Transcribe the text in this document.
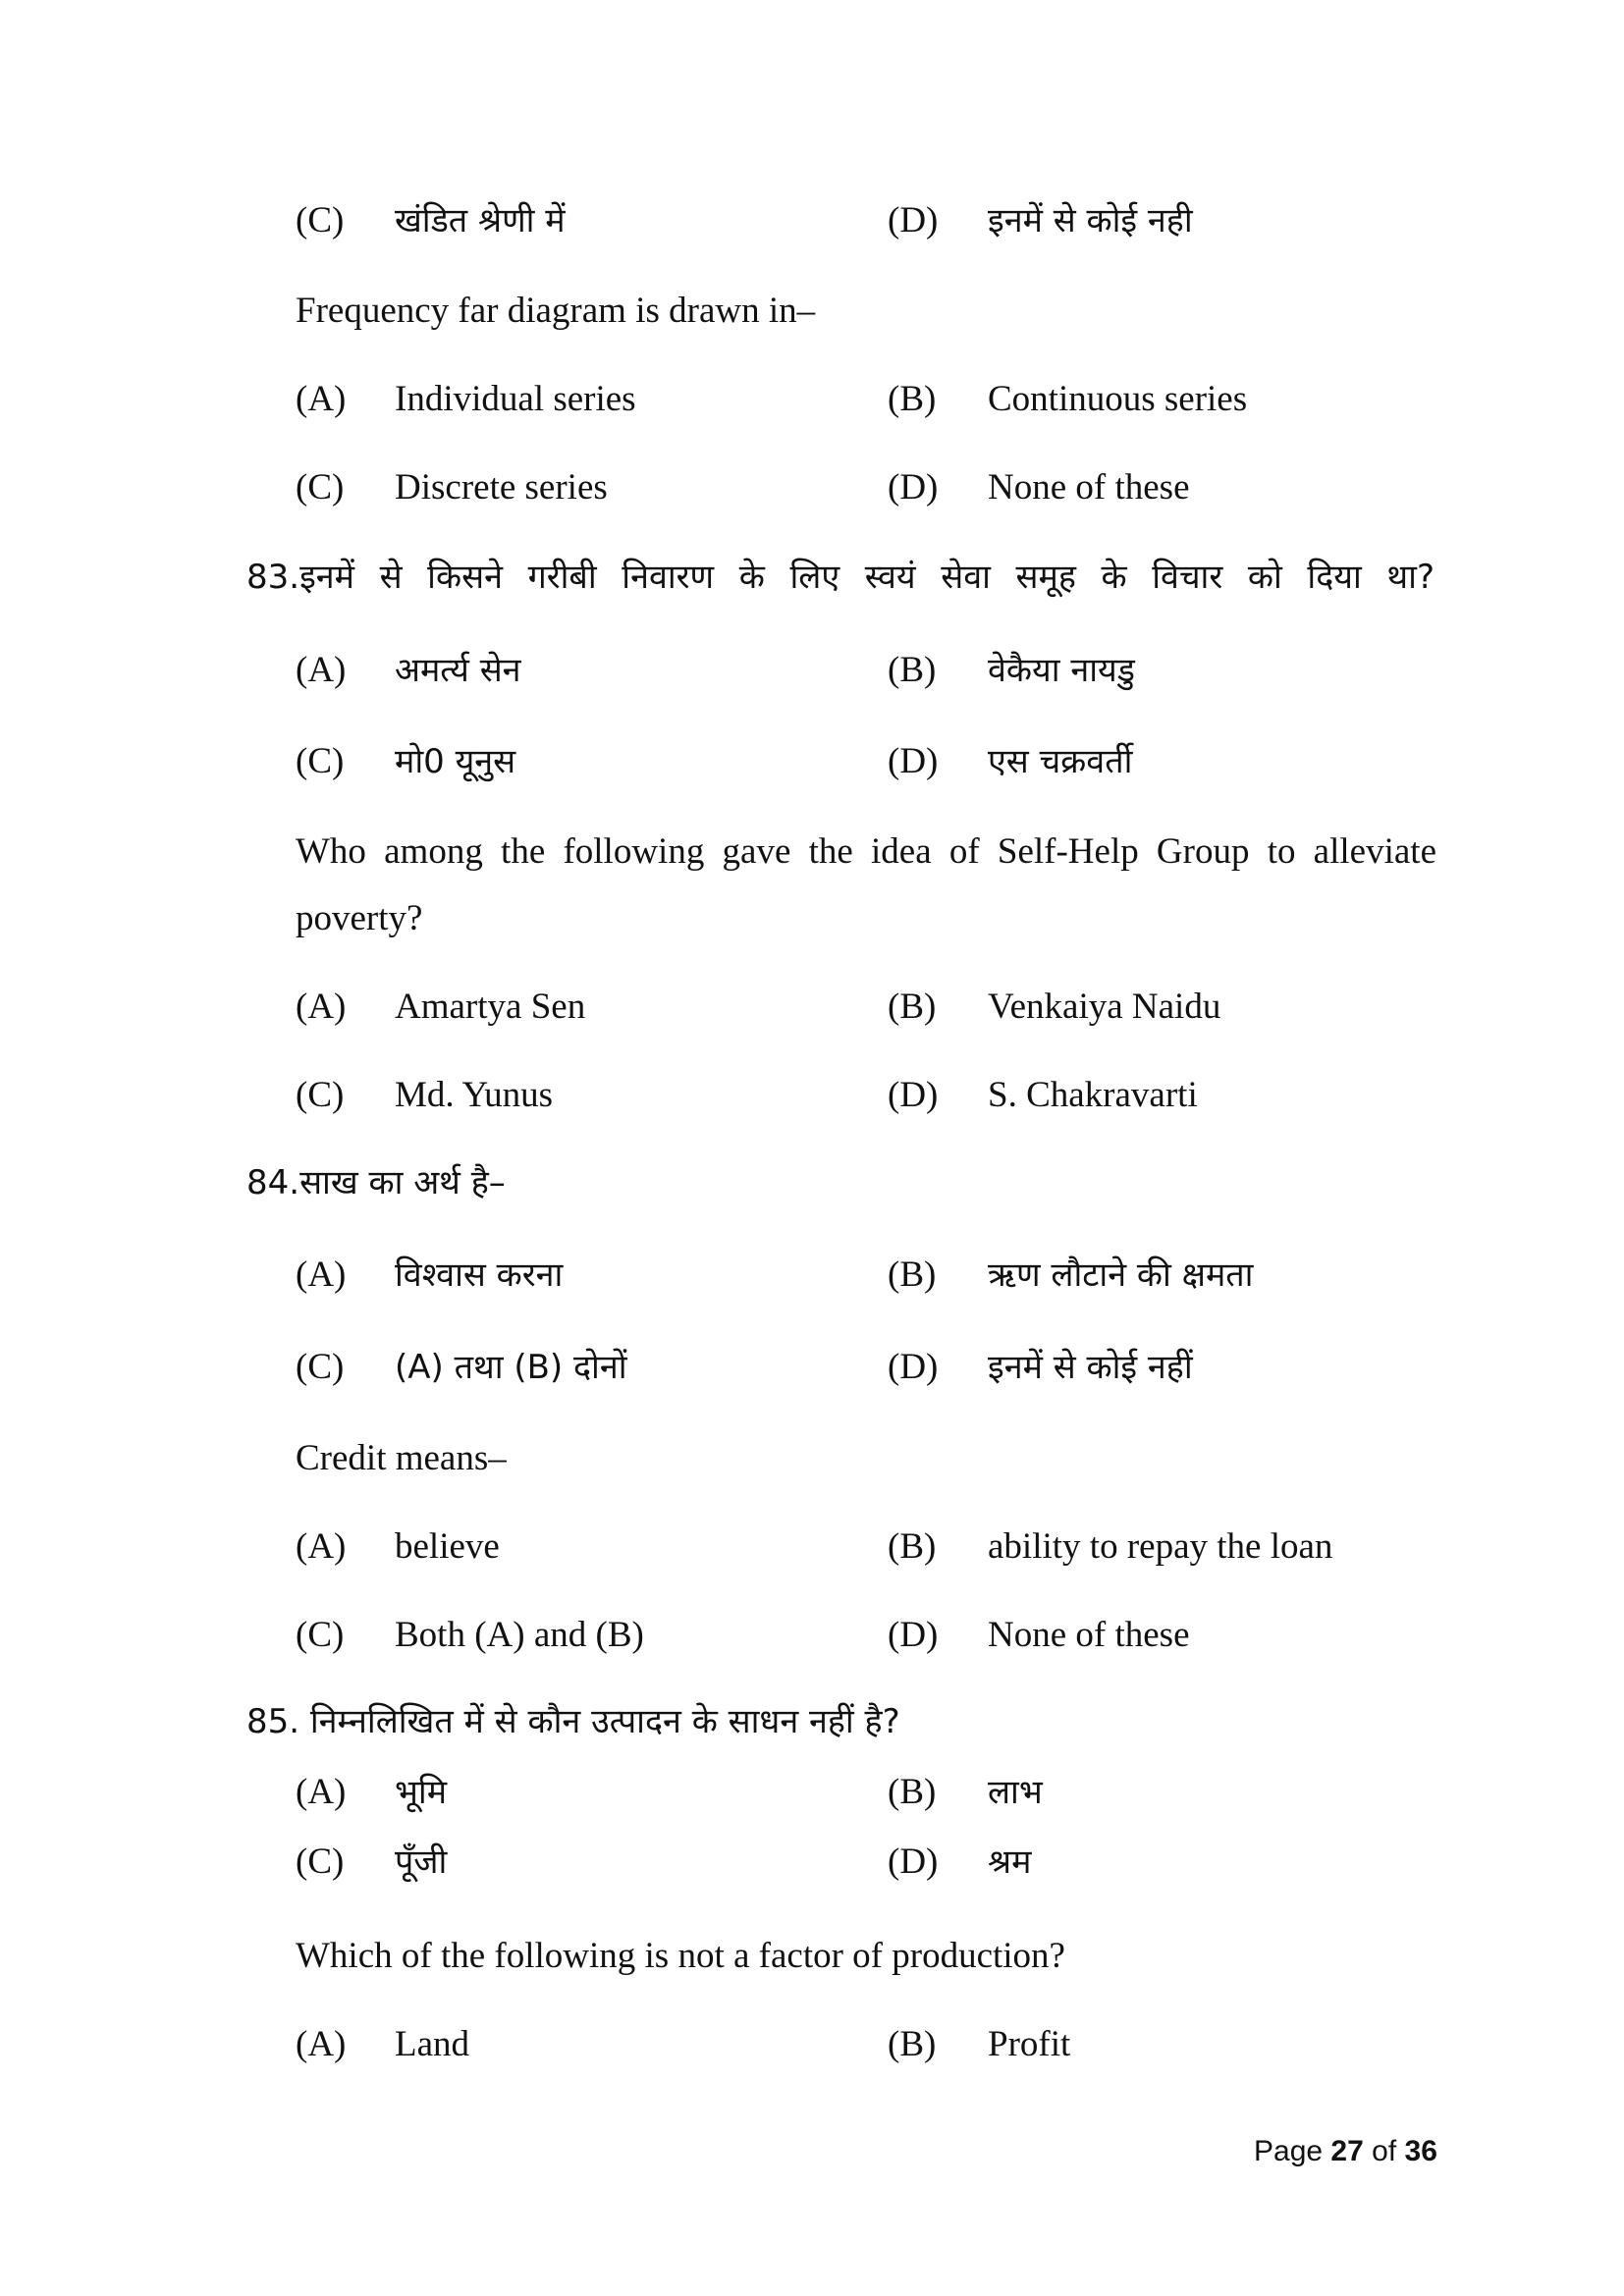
(C) खंडित श्रेणी में	(D) इनमें से कोई नही
Frequency far diagram is drawn in–
(A) Individual series	(B) Continuous series
(C) Discrete series	(D) None of these
83.इनमें से किसने गरीबी निवारण के लिए स्वयं सेवा समूह के विचार को दिया था?
(A) अमर्त्य सेन	(B) वेकैया नायडु
(C) मो0 यूनुस	(D) एस चक्रवर्ती
Who among the following gave the idea of Self-Help Group to alleviate poverty?
(A) Amartya Sen	(B) Venkaiya Naidu
(C) Md. Yunus	(D) S. Chakravarti
84.साख का अर्थ है–
(A) विश्वास करना	(B) ऋण लौटाने की क्षमता
(C) (A) तथा (B) दोनों	(D) इनमें से कोई नहीं
Credit means–
(A) believe	(B) ability to repay the loan
(C) Both (A) and (B)	(D) None of these
85. निम्नलिखित में से कौन उत्पादन के साधन नहीं है?
(A) भूमि	(B) लाभ
(C) पूँजी	(D) श्रम
Which of the following is not a factor of production?
(A) Land	(B) Profit
Page 27 of 36
